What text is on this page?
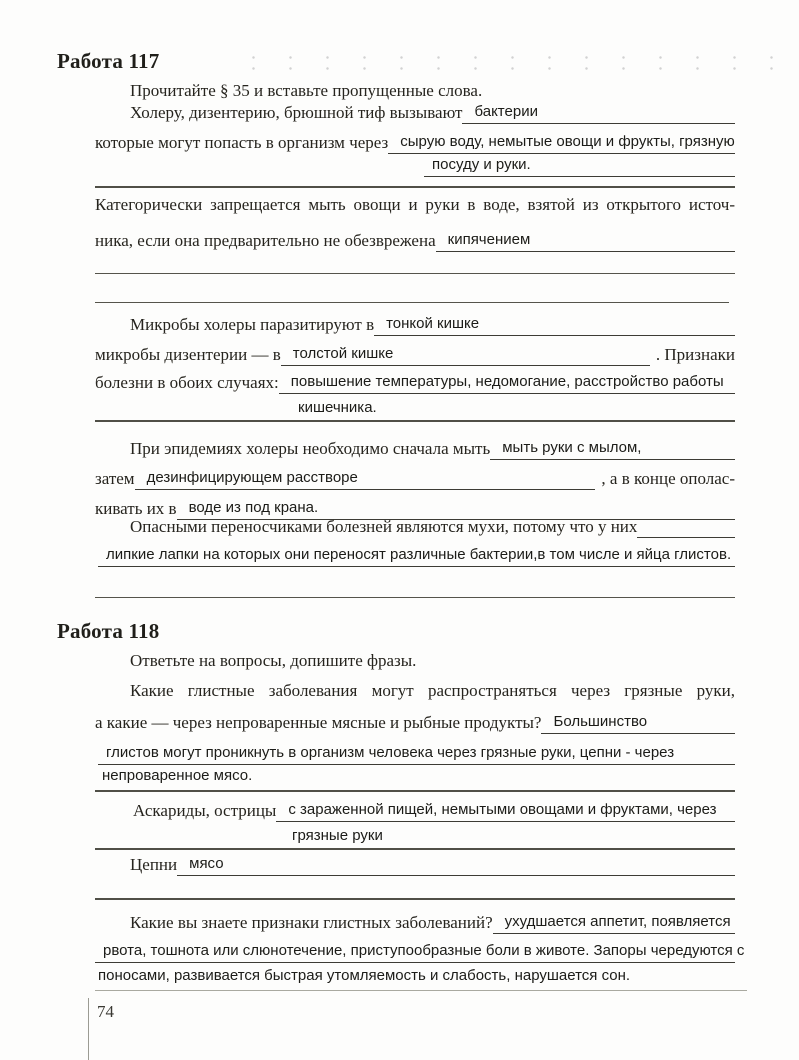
Работа 117
Прочитайте § 35 и вставьте пропущенные слова.
Холеру, дизентерию, брюшной тиф вызывают бактерии
которые могут попасть в организм через сырую воду, немытые овощи и фрукты, грязную
посуду и руки.
Категорически запрещается мыть овощи и руки в воде, взятой из открытого источ-
ника, если она предварительно не обезврежена кипячением
Микробы холеры паразитируют в тонкой кишке
микробы дизентерии — в толстой кишке	. Признаки
болезни в обоих случаях: повышение температуры, недомогание, расстройство работы
кишечника.
При эпидемиях холеры необходимо сначала мыть мыть руки с мылом,
затем дезинфицирующем расстворе	, а в конце ополас-
кивать их в воде из под крана.
Опасными переносчиками болезней являются мухи, потому что у них
липкие лапки на которых они переносят различные бактерии,в том числе и яйца глистов.
Работа 118
Ответьте на вопросы, допишите фразы.
Какие глистные заболевания могут распространяться через грязные руки,
а какие — через непроваренные мясные и рыбные продукты? Большинство
глистов могут проникнуть в организм человека через грязные руки, цепни - через
непроваренное мясо.
Аскариды, острицы с зараженной пищей, немытыми овощами и фруктами, через
грязные руки
Цепни мясо
Какие вы знаете признаки глистных заболеваний? ухудшается аппетит, появляется
рвота, тошнота или слюнотечение, приступообразные боли в животе. Запоры чередуются с
поносами, развивается быстрая утомляемость и слабость, нарушается сон.
74
